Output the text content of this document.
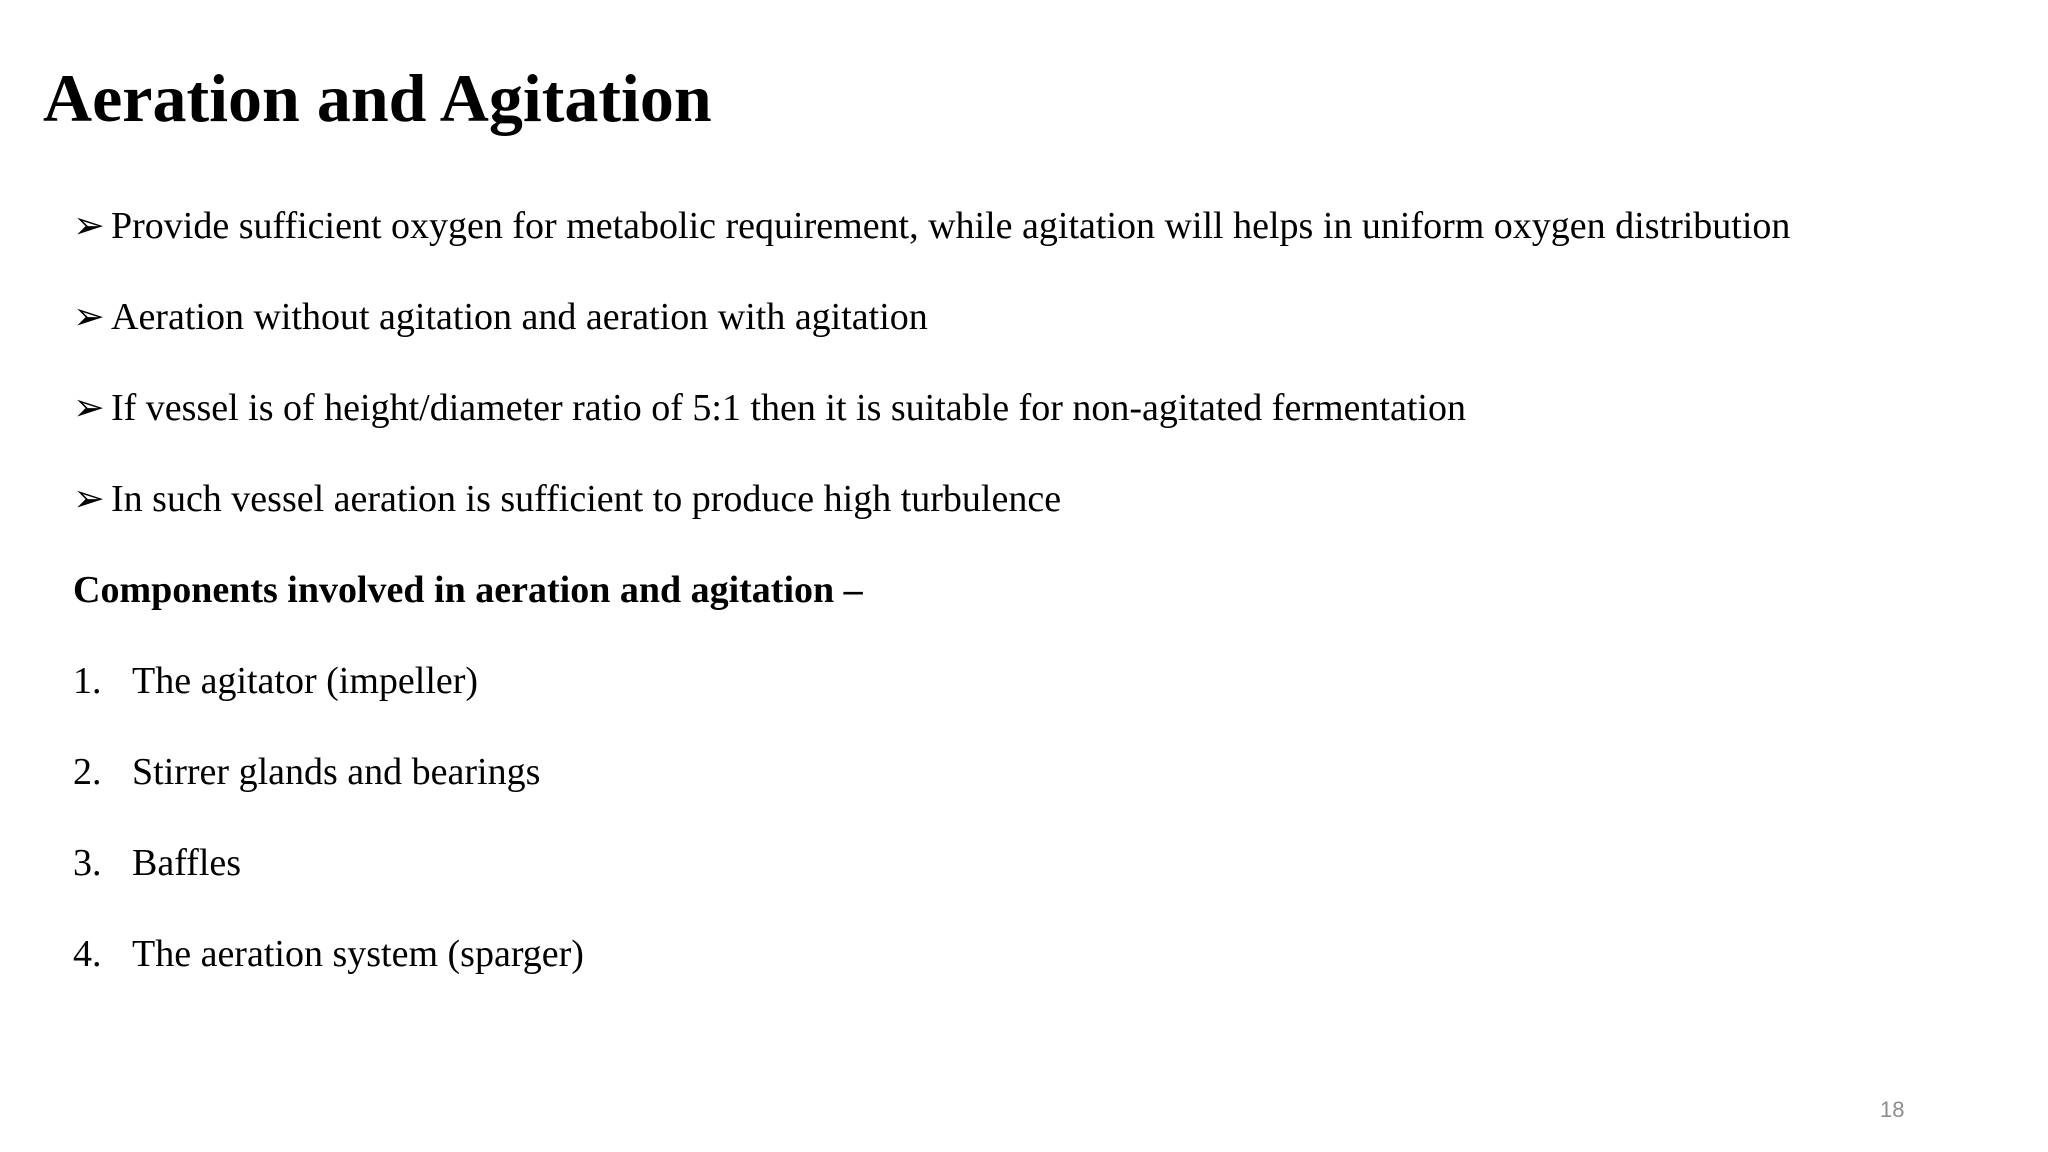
Aeration and Agitation
➢ Provide sufficient oxygen for metabolic requirement, while agitation will helps in uniform oxygen distribution
➢ Aeration without agitation and aeration with agitation
➢ If vessel is of height/diameter ratio of 5:1 then it is suitable for non-agitated fermentation
➢ In such vessel aeration is sufficient to produce high turbulence
Components involved in aeration and agitation –
1. The agitator (impeller)
2. Stirrer glands and bearings
3. Baffles
4. The aeration system (sparger)
18
